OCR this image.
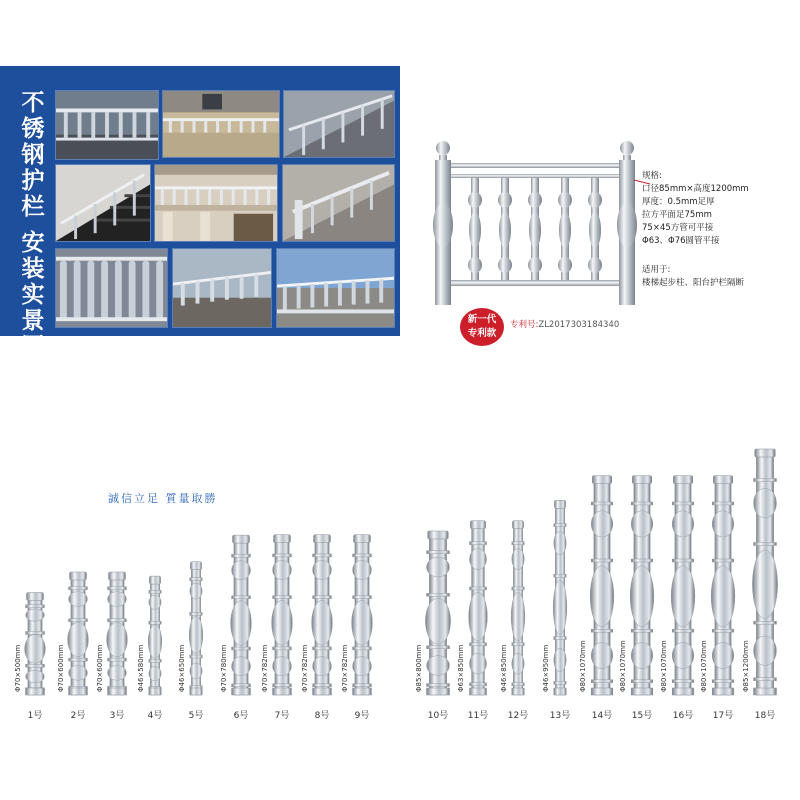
不锈钢护栏
安装实景图
规格:
口径85mm×高度1200mm
厚度：0.5mm足厚
拉方平面足75mm
75×45方管可平接
Φ63、Φ76圆管平接
适用于:
楼梯起步柱、阳台护栏隔断
新一代
专利款
专利号:ZL2017303184340
誠信立足 質量取勝
1号
Φ70×500mm
2号
Φ70×600mm
3号
Φ70×600mm
4号
Φ46×580mm
5号
Φ46×650mm
6号
Φ70×780mm
7号
Φ70×782mm
8号
Φ70×782mm
9号
Φ70×782mm
10号
Φ85×800mm
11号
Φ63×850mm
12号
Φ46×850mm
13号
Φ46×950mm
14号
Φ80×1070mm
15号
Φ80×1070mm
16号
Φ80×1070mm
17号
Φ80×1070mm
18号
Φ85×1200mm
